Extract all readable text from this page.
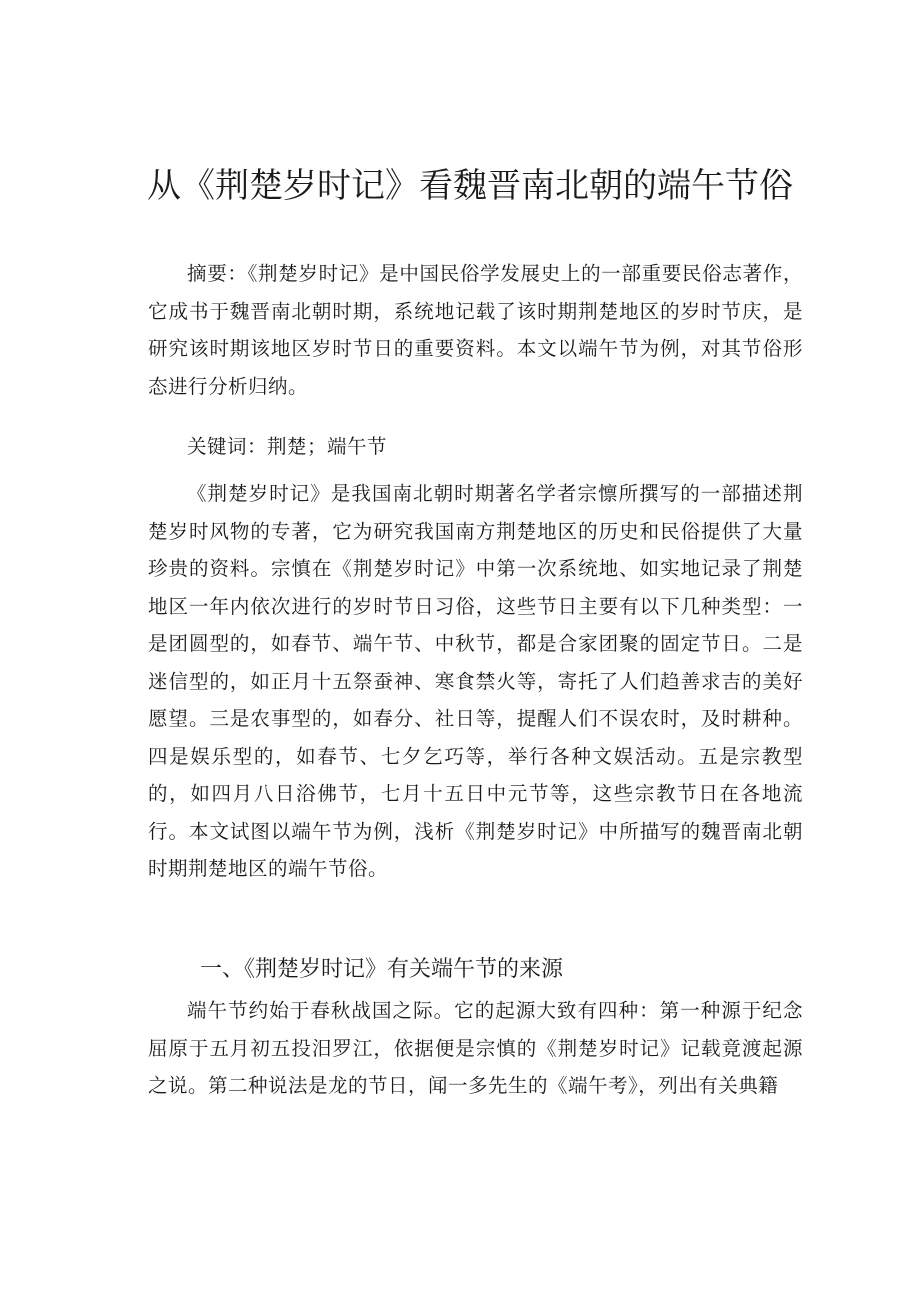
从《荆楚岁时记》看魏晋南北朝的端午节俗

摘要：《荆楚岁时记》是中国民俗学发展史上的一部重要民俗志著作，它成书于魏晋南北朝时期，系统地记载了该时期荆楚地区的岁时节庆，是研究该时期该地区岁时节日的重要资料。本文以端午节为例，对其节俗形态进行分析归纳。

关键词：荆楚；端午节

《荆楚岁时记》是我国南北朝时期著名学者宗懔所撰写的一部描述荆楚岁时风物的专著，它为研究我国南方荆楚地区的历史和民俗提供了大量珍贵的资料。宗慎在《荆楚岁时记》中第一次系统地、如实地记录了荆楚地区一年内依次进行的岁时节日习俗，这些节日主要有以下几种类型：一是团圆型的，如春节、端午节、中秋节，都是合家团聚的固定节日。二是迷信型的，如正月十五祭蚕神、寒食禁火等，寄托了人们趋善求吉的美好愿望。三是农事型的，如春分、社日等，提醒人们不误农时，及时耕种。四是娱乐型的，如春节、七夕乞巧等，举行各种文娱活动。五是宗教型的，如四月八日浴佛节，七月十五日中元节等，这些宗教节日在各地流行。本文试图以端午节为例，浅析《荆楚岁时记》中所描写的魏晋南北朝时期荆楚地区的端午节俗。

一、《荆楚岁时记》有关端午节的来源

端午节约始于春秋战国之际。它的起源大致有四种：第一种源于纪念屈原于五月初五投汨罗江，依据便是宗慎的《荆楚岁时记》记载竟渡起源之说。第二种说法是龙的节日，闻一多先生的《端午考》，列出有关典籍
